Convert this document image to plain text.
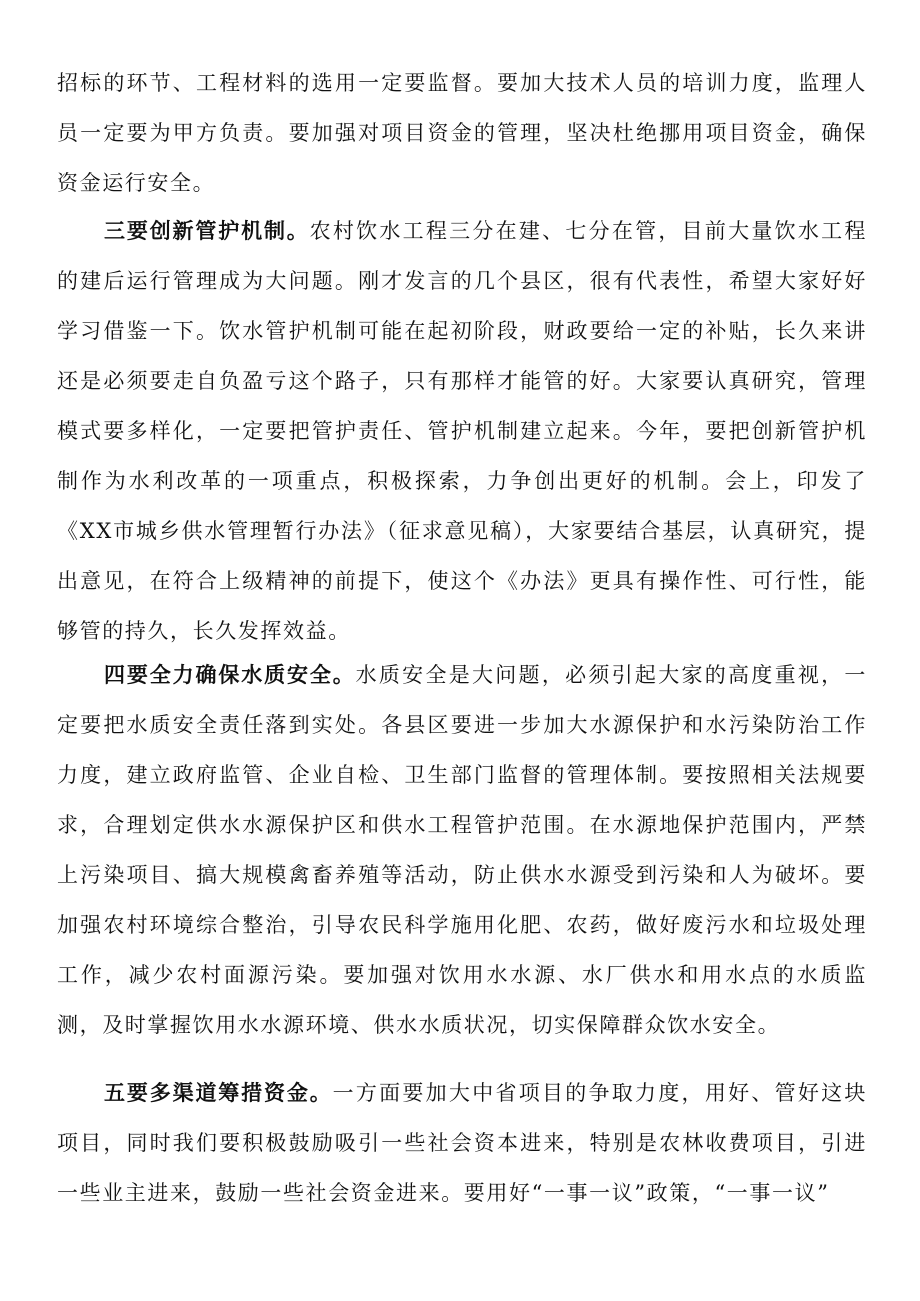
招标的环节、工程材料的选用一定要监督。要加大技术人员的培训力度，监理人员一定要为甲方负责。要加强对项目资金的管理，坚决杜绝挪用项目资金，确保资金运行安全。

三要创新管护机制。农村饮水工程三分在建、七分在管，目前大量饮水工程的建后运行管理成为大问题。刚才发言的几个县区，很有代表性，希望大家好好学习借鉴一下。饮水管护机制可能在起初阶段，财政要给一定的补贴，长久来讲还是必须要走自负盈亏这个路子，只有那样才能管的好。大家要认真研究，管理模式要多样化，一定要把管护责任、管护机制建立起来。今年，要把创新管护机制作为水利改革的一项重点，积极探索，力争创出更好的机制。会上，印发了《XX市城乡供水管理暂行办法》（征求意见稿），大家要结合基层，认真研究，提出意见，在符合上级精神的前提下，使这个《办法》更具有操作性、可行性，能够管的持久，长久发挥效益。

四要全力确保水质安全。水质安全是大问题，必须引起大家的高度重视，一定要把水质安全责任落到实处。各县区要进一步加大水源保护和水污染防治工作力度，建立政府监管、企业自检、卫生部门监督的管理体制。要按照相关法规要求，合理划定供水水源保护区和供水工程管护范围。在水源地保护范围内，严禁上污染项目、搞大规模禽畜养殖等活动，防止供水水源受到污染和人为破坏。要加强农村环境综合整治，引导农民科学施用化肥、农药，做好废污水和垃圾处理工作，减少农村面源污染。要加强对饮用水水源、水厂供水和用水点的水质监测，及时掌握饮用水水源环境、供水水质状况，切实保障群众饮水安全。

五要多渠道筹措资金。一方面要加大中省项目的争取力度，用好、管好这块项目，同时我们要积极鼓励吸引一些社会资本进来，特别是农林收费项目，引进一些业主进来，鼓励一些社会资金进来。要用好“一事一议”政策，“一事一议”
